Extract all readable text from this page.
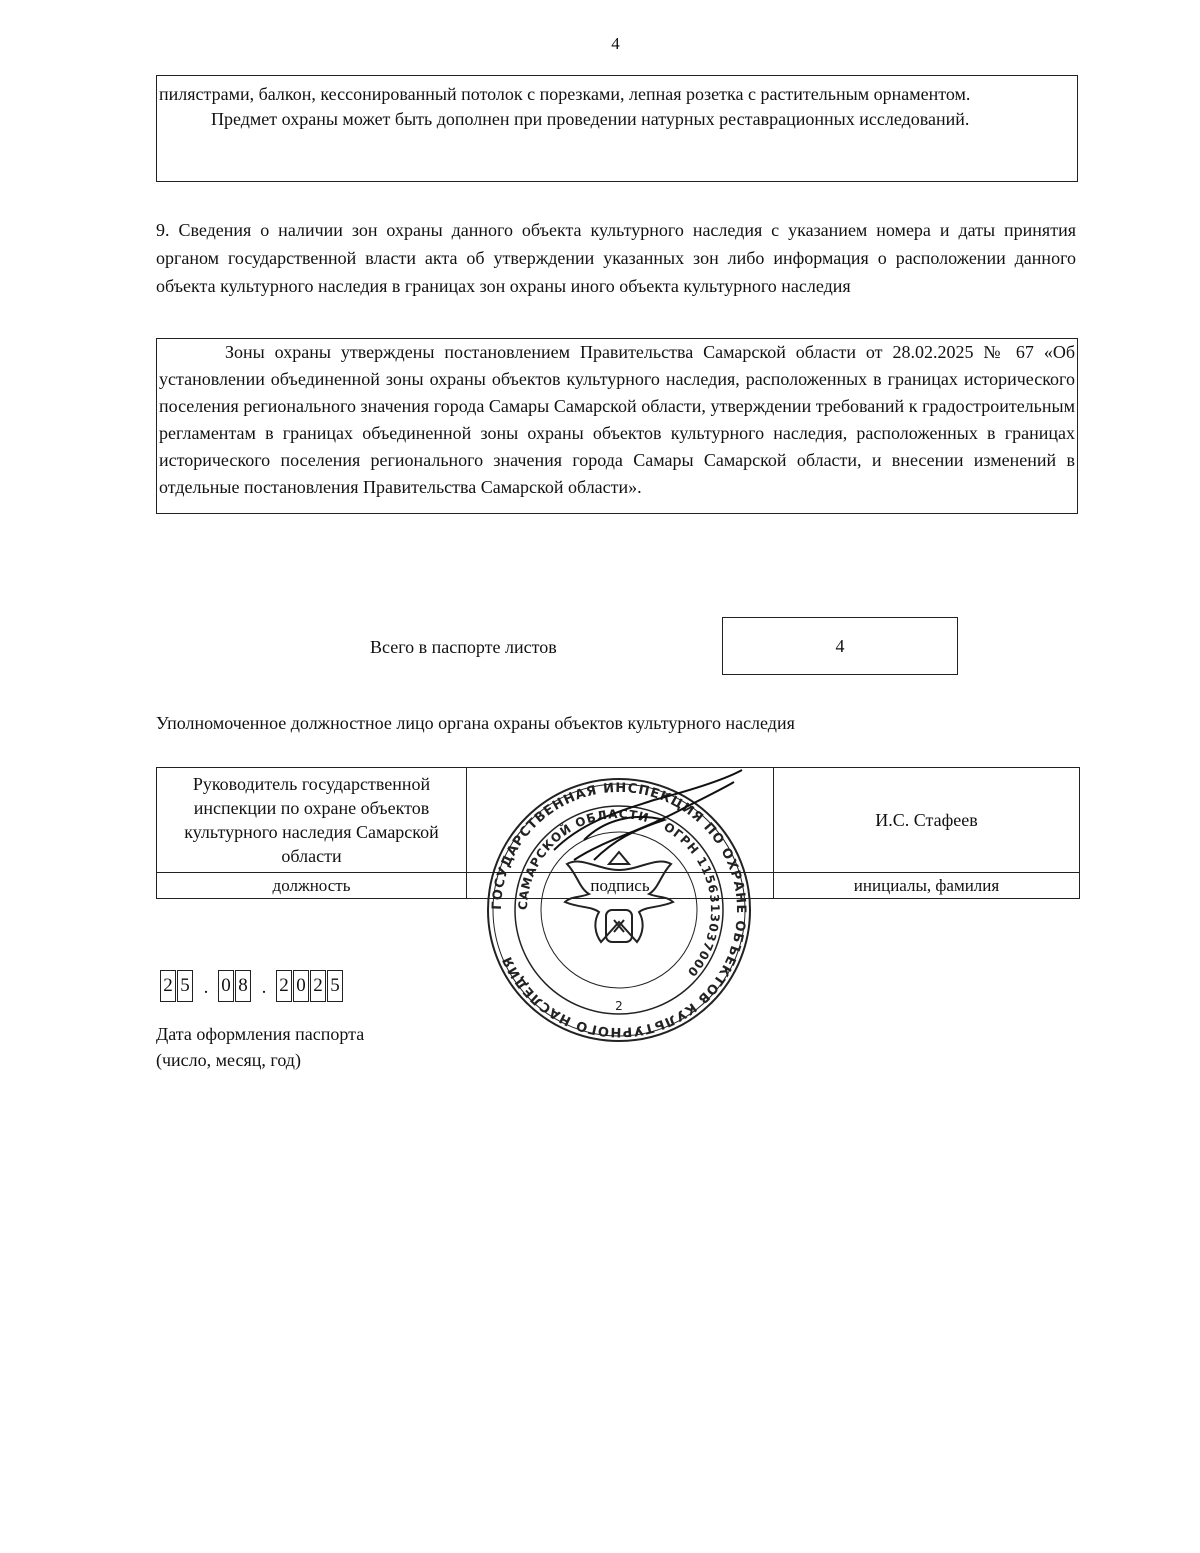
4

пилястрами, балкон, кессонированный потолок с порезками, лепная розетка с растительным орнаментом.

Предмет охраны может быть дополнен при проведении натурных реставрационных исследований.

9. Сведения о наличии зон охраны данного объекта культурного наследия с указанием номера и даты принятия органом государственной власти акта об утверждении указанных зон либо информация о расположении данного объекта культурного наследия в границах зон охраны иного объекта культурного наследия

Зоны охраны утверждены постановлением Правительства Самарской области от 28.02.2025 № 67 «Об установлении объединенной зоны охраны объектов культурного наследия, расположенных в границах исторического поселения регионального значения города Самары Самарской области, утверждении требований к градостроительным регламентам в границах объединенной зоны охраны объектов культурного наследия, расположенных в границах исторического поселения регионального значения города Самары Самарской области, и внесении изменений в отдельные постановления Правительства Самарской области».

Всего в паспорте листов	4
Уполномоченное должностное лицо органа охраны объектов культурного наследия
Руководитель государственной инспекции по охране объектов культурного наследия Самарской области		И.С. Стафеев
должность	подпись	инициалы, фамилия
ГОСУДАРСТВЕННАЯ ИНСПЕКЦИЯ ПО ОХРАНЕ ОБЪЕКТОВ КУЛЬТУРНОГО НАСЛЕДИЯ
САМАРСКОЙ ОБЛАСТИ · ОГРН 1156313037000
2
2 5 . 0 8 . 2 0 2 5
Дата оформления паспорта
(число, месяц, год)
